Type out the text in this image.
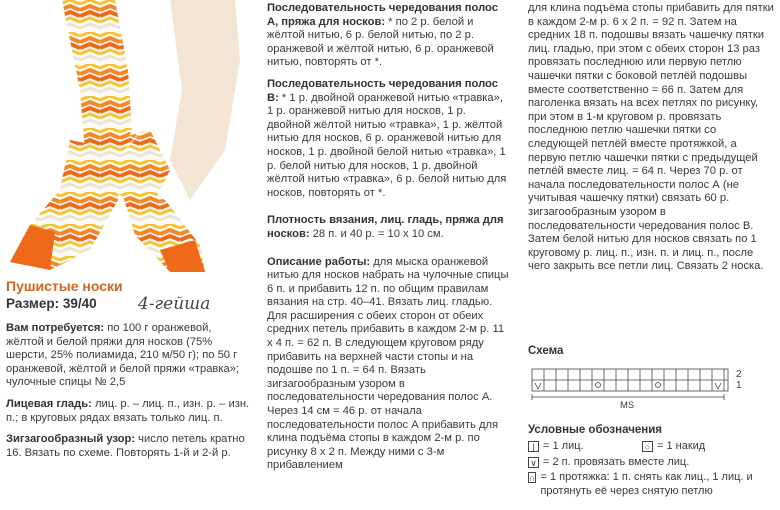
Пушистые носки
Размер: 39/40 4-гейша

Вам потребуется: по 100 г оранжевой, жёлтой и белой пряжи для носков (75% шерсти, 25% полиамида, 210 м/50 г); по 50 г оранжевой, жёлтой и белой пряжи «травка»; чулочные спицы № 2,5

Лицевая гладь: лиц. р. – лиц. п., изн. р. – изн. п.; в круговых рядах вязать только лиц. п.

Зигзагообразный узор: число петель кратно 16. Вязать по схеме. Повторять 1-й и 2-й р.

Последовательность чередования полос А, пряжа для носков: * по 2 р. белой и жёлтой нитью, 6 р. белой нитью, по 2 р. оранжевой и жёлтой нитью, 6 р. оранжевой нитью, повторять от *.

Последовательность чередования полос В: * 1 р. двойной оранжевой нитью «травка», 1 р. оранжевой нитью для носков, 1 р. двойной жёлтой нитью «травка», 1 р. жёлтой нитью для носков, 6 р. оранжевой нитью для носков, 1 р. двойной белой нитью «травка», 1 р. белой нитью для носков, 1 р. двойной жёлтой нитью «травка», 6 р. белой нитью для носков, повторять от *.

Плотность вязания, лиц. гладь, пряжа для носков: 28 п. и 40 р. = 10 х 10 см.

Описание работы: для мыска оранжевой нитью для носков набрать на чулочные спицы 6 п. и прибавить 12 п. по общим правилам вязания на стр. 40–41. Вязать лиц. гладью. Для расширения с обеих сторон от обеих средних петель прибавить в каждом 2-м р. 11 х 4 п. = 62 п. В следующем круговом ряду прибавить на верхней части стопы и на подошве по 1 п. = 64 п. Вязать зигзагообразным узором в последовательности чередования полос А. Через 14 см = 46 р. от начала последовательности полос А прибавить для клина подъёма стопы в каждом 2-м р. по рисунку 8 х 2 п. Между ними с 3-м прибавлением

для клина подъёма стопы прибавить для пятки в каждом 2-м р. 6 х 2 п. = 92 п. Затем на средних 18 п. подошвы вязать чашечку пятки лиц. гладью, при этом с обеих сторон 13 раз провязать последнюю или первую петлю чашечки пятки с боковой петлёй подошвы вместе соответственно = 66 п. Затем для паголенка вязать на всех петлях по рисунку, при этом в 1-м круговом р. провязать последнюю петлю чашечки пятки со следующей петлёй вместе протяжкой, а первую петлю чашечки пятки с предыдущей петлёй вместе лиц. = 64 п. Через 70 р. от начала последовательности полос А (не учитывая чашечку пятки) связать 60 р. зигзагообразным узором в последовательности чередования полос В. Затем белой нитью для носков связать по 1 круговому р. лиц. п., изн. п. и лиц. п., после чего закрыть все петли лиц. Связать 2 носка.

Схема
2
1
MS
Условные обозначения
| = 1 лиц.	○ = 1 накид
∨ = 2 п. провязать вместе лиц.
∩ = 1 протяжка: 1 п. снять как лиц., 1 лиц. и протянуть её через снятую петлю
